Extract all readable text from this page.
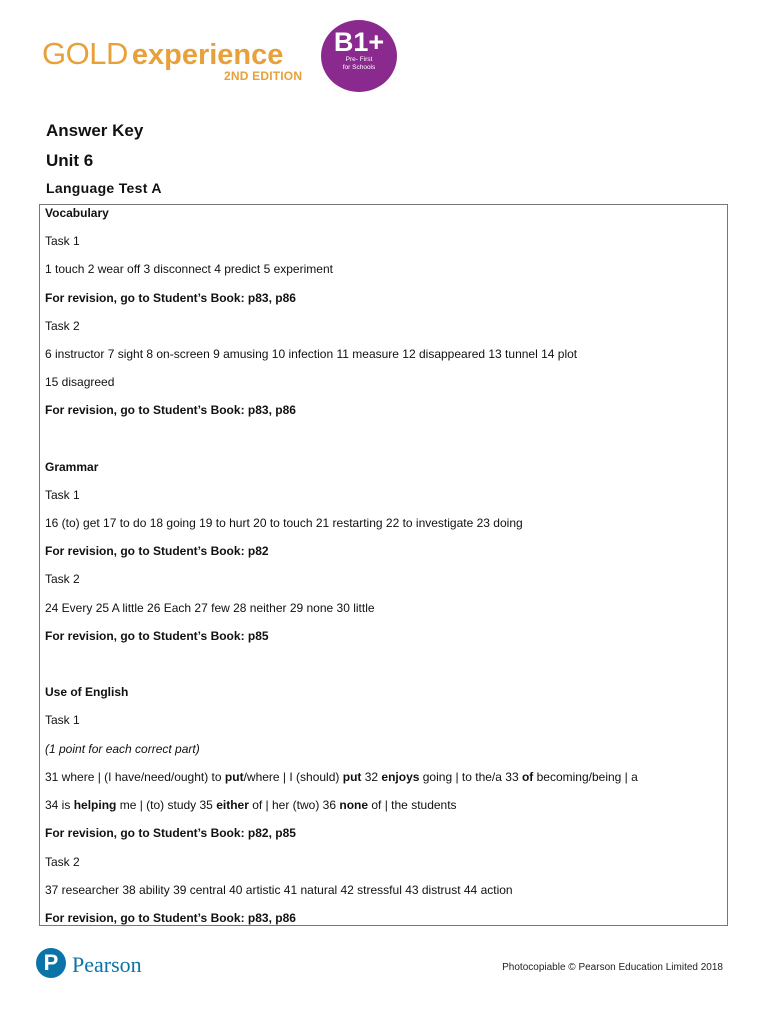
GOLD experience
2ND EDITION
B1+
Pre- First
for Schools
Answer Key
Unit 6
Language Test A
Vocabulary
Task 1
1 touch 2 wear off 3 disconnect 4 predict 5 experiment
For revision, go to Student’s Book: p83, p86
Task 2
6 instructor 7 sight 8 on-screen 9 amusing 10 infection 11 measure 12 disappeared 13 tunnel 14 plot
15 disagreed
For revision, go to Student’s Book: p83, p86
Grammar
Task 1
16 (to) get 17 to do 18 going 19 to hurt 20 to touch 21 restarting 22 to investigate 23 doing
For revision, go to Student’s Book: p82
Task 2
24 Every 25 A little 26 Each 27 few 28 neither 29 none 30 little
For revision, go to Student’s Book: p85
Use of English
Task 1
(1 point for each correct part)
31 where | (I have/need/ought) to put/where | I (should) put 32 enjoys going | to the/a 33 of becoming/being | a
34 is helping me | (to) study 35 either of | her (two) 36 none of | the students
For revision, go to Student’s Book: p82, p85
Task 2
37 researcher 38 ability 39 central 40 artistic 41 natural 42 stressful 43 distrust 44 action
For revision, go to Student’s Book: p83, p86
P Pearson	Photocopiable © Pearson Education Limited 2018
